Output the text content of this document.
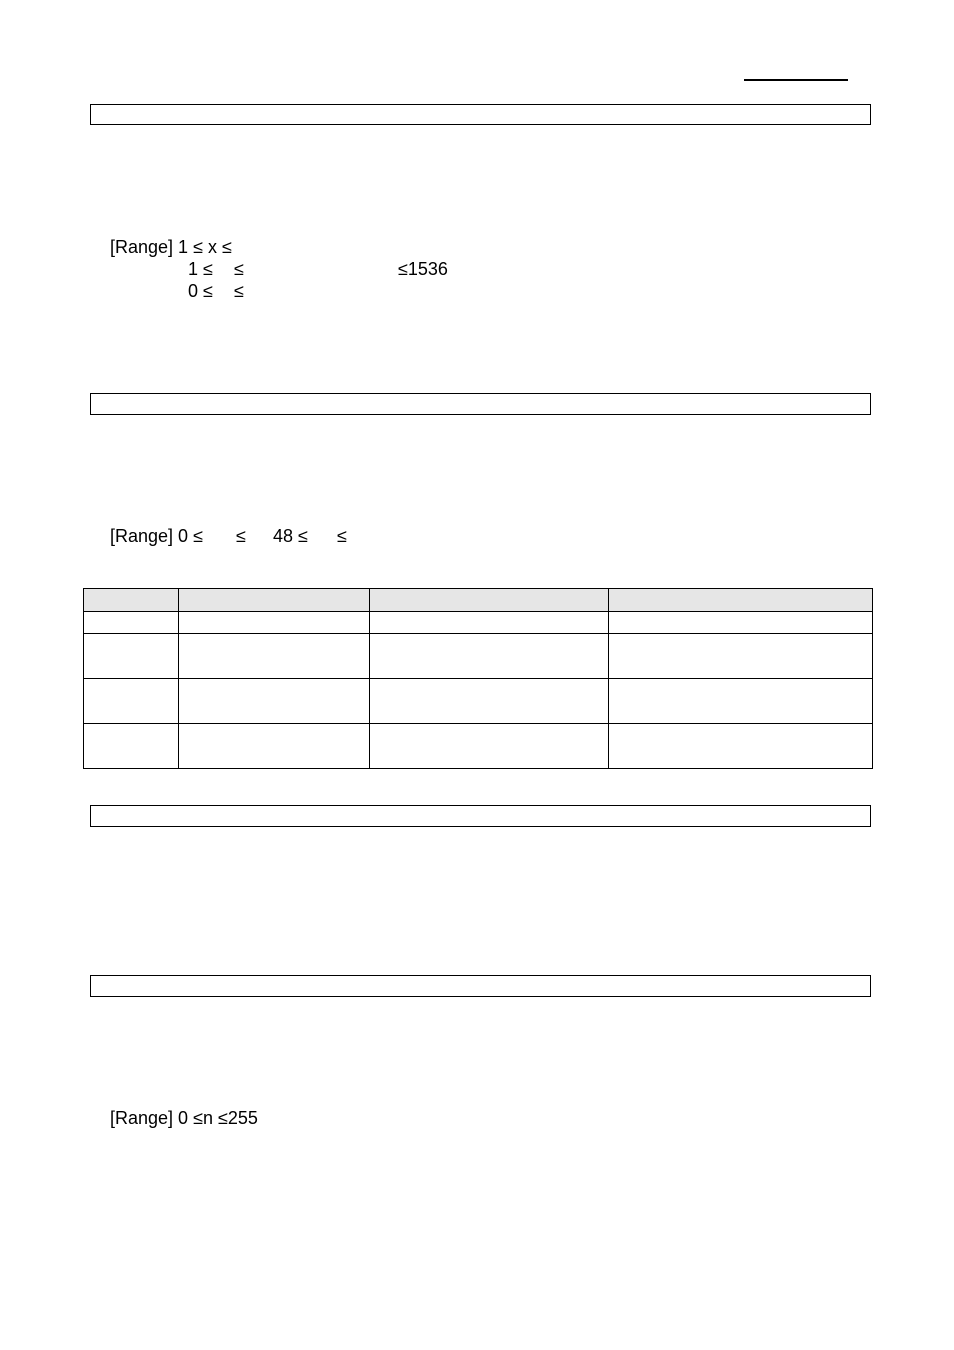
[Range] 1 ≤ x ≤

1 ≤	≤	≤1536

0 ≤	≤

[Range] 0 ≤	≤	48 ≤	≤

[Range] 0 ≤n ≤255
